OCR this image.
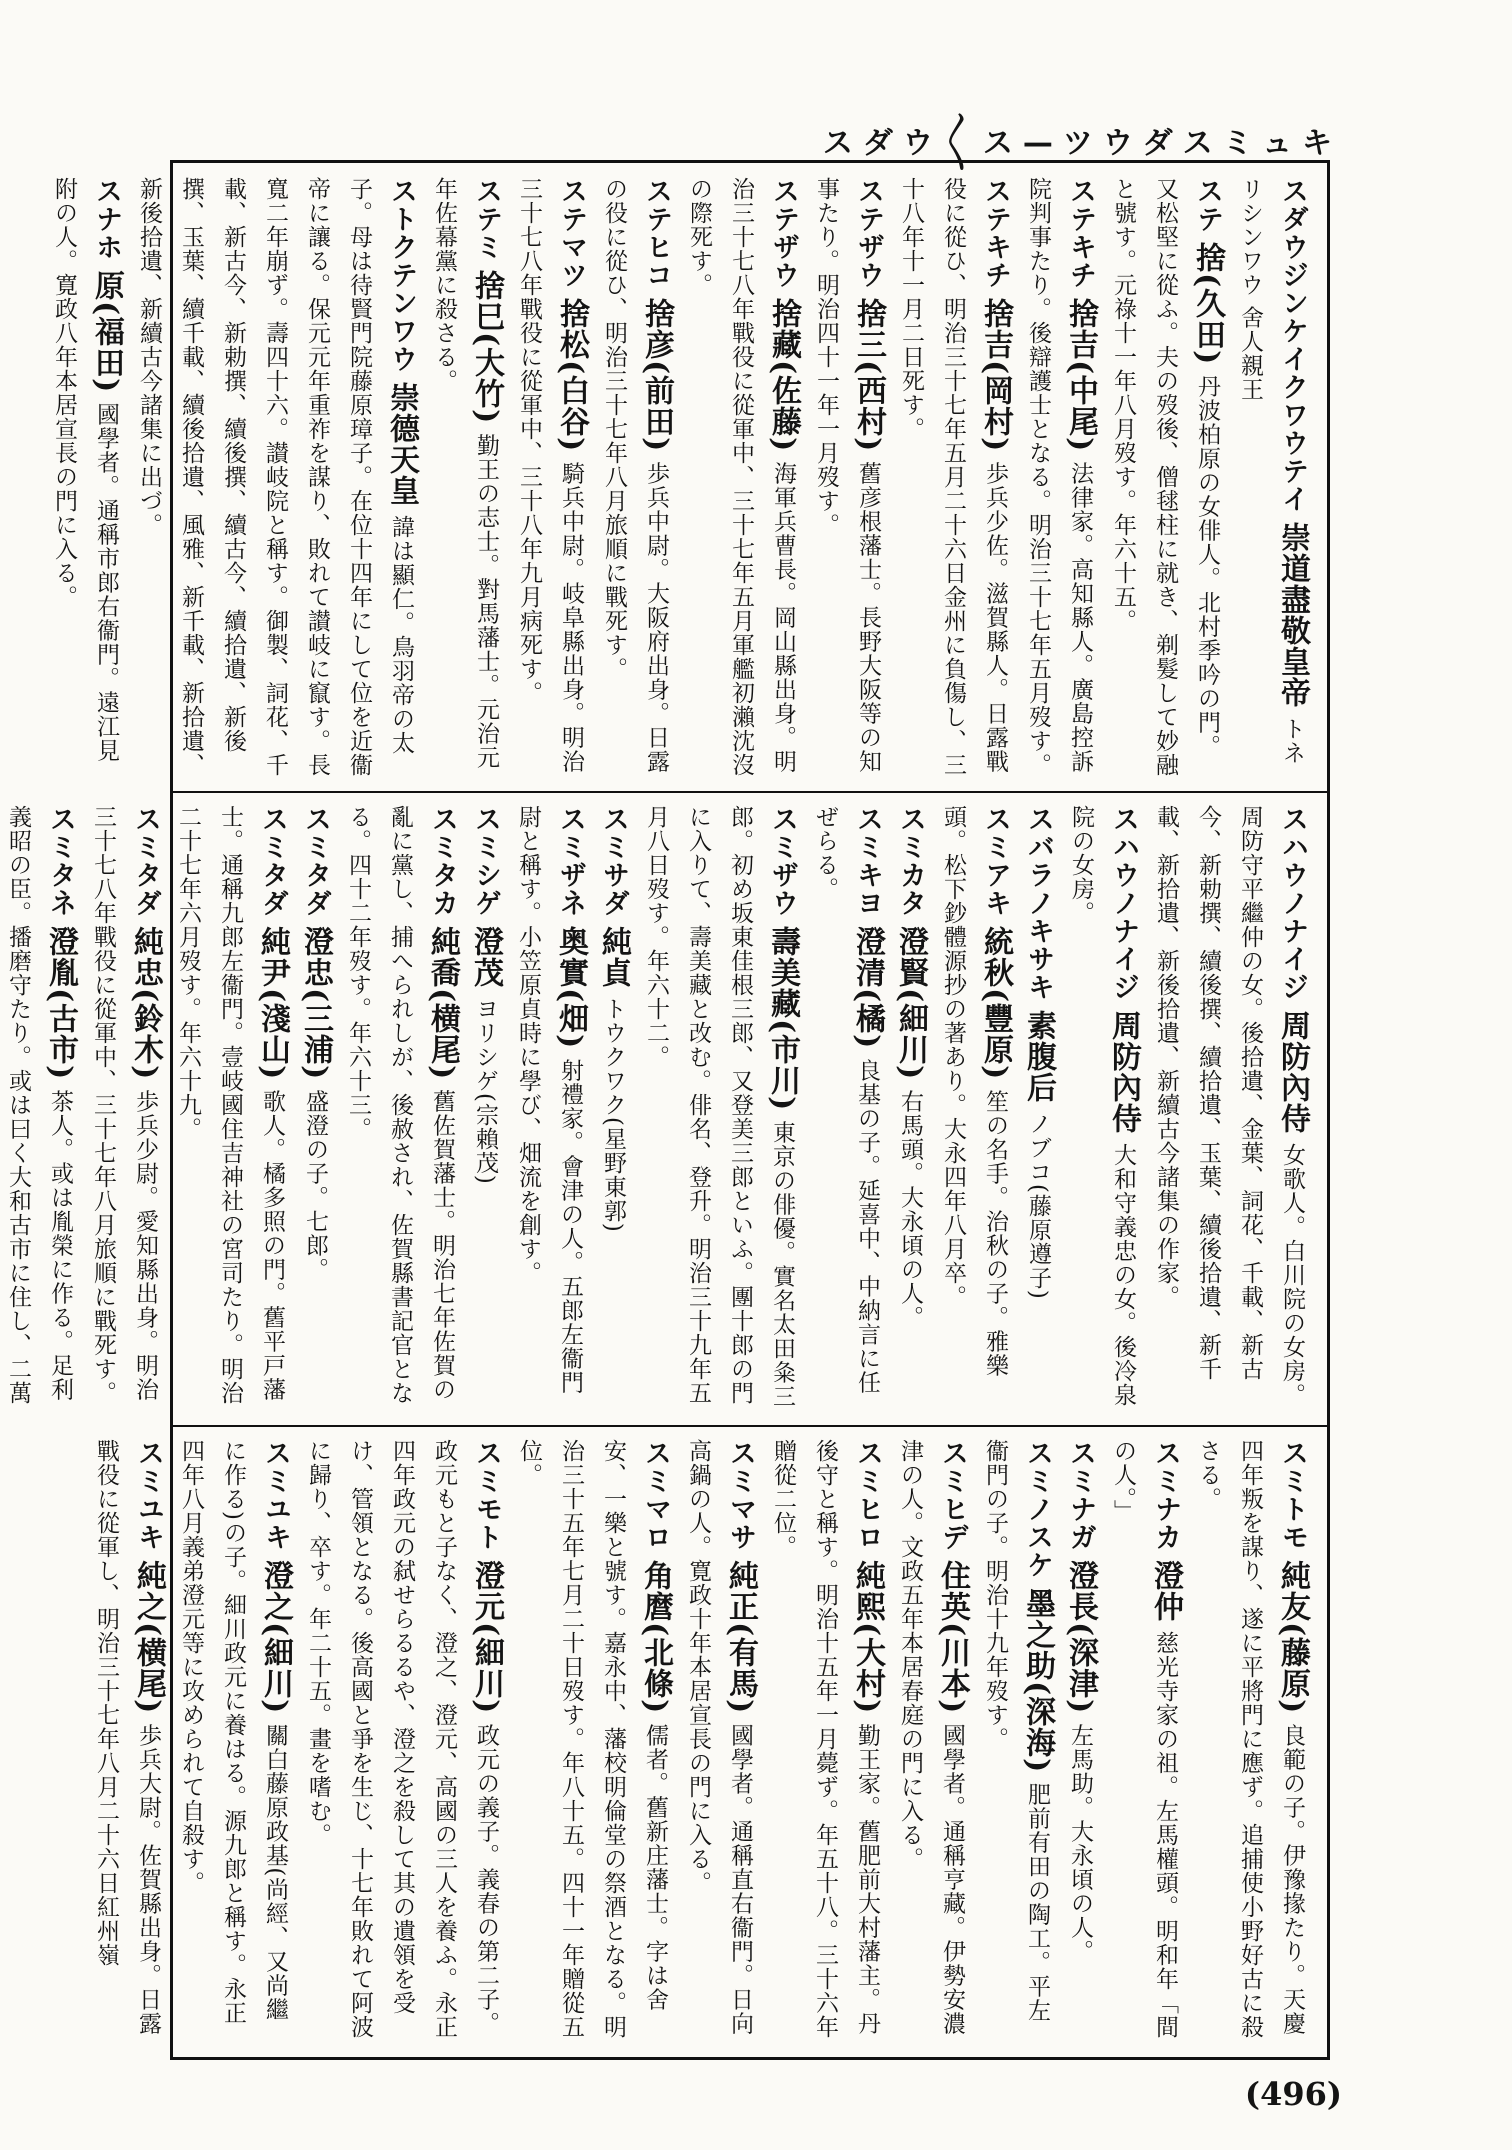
スダウ〳〵ス—ツウダスミュキ

スダウジンケイクワウテイ 崇道盡敬皇帝 トネリシンワウ 舍人親王

ステ 捨(久田) 丹波柏原の女俳人。北村季吟の門。又松堅に從ふ。夫の歿後、僧毬柱に就き、剃髮して妙融と號す。元祿十一年八月歿す。年六十五。

ステキチ 捨吉(中尾) 法律家。高知縣人。廣島控訴院判事たり。後辯護士となる。明治三十七年五月歿す。

ステキチ 捨吉(岡村) 歩兵少佐。滋賀縣人。日露戰役に從ひ、明治三十七年五月二十六日金州に負傷し、三十八年十一月二日死す。

ステザウ 捨三(西村) 舊彦根藩士。長野大阪等の知事たり。明治四十一年一月歿す。

ステザウ 捨藏(佐藤) 海軍兵曹長。岡山縣出身。明治三十七八年戰役に從軍中、三十七年五月軍艦初瀨沈沒の際死す。

ステヒコ 捨彦(前田) 歩兵中尉。大阪府出身。日露の役に從ひ、明治三十七年八月旅順に戰死す。

ステマツ 捨松(白谷) 騎兵中尉。岐阜縣出身。明治三十七八年戰役に從軍中、三十八年九月病死す。

ステミ 捨巳(大竹) 勤王の志士。對馬藩士。元治元年佐幕黨に殺さる。

ストクテンワウ 崇德天皇 諱は顯仁。鳥羽帝の太子。母は待賢門院藤原璋子。在位十四年にして位を近衞帝に讓る。保元元年重祚を謀り、敗れて讃岐に竄す。長寬二年崩ず。壽四十六。讃岐院と稱す。御製、詞花、千載、新古今、新勅撰、續後撰、續古今、續拾遺、新後撰、玉葉、續千載、續後拾遺、風雅、新千載、新拾遺、新後拾遺、新續古今諸集に出づ。

スナホ 原(福田) 國學者。通稱市郎右衞門。遠江見附の人。寛政八年本居宣長の門に入る。

スハウノナイジ 周防內侍 女歌人。白川院の女房。周防守平繼仲の女。後拾遺、金葉、詞花、千載、新古今、新勅撰、續後撰、續拾遺、玉葉、續後拾遺、新千載、新拾遺、新後拾遺、新續古今諸集の作家。

スハウノナイジ 周防內侍 大和守義忠の女。後冷泉院の女房。

スバラノキサキ 素腹后 ノブコ(藤原遵子)

スミアキ 統秋(豐原) 笙の名手。治秋の子。雅樂頭。松下鈔體源抄の著あり。大永四年八月卒。

スミカタ 澄賢(細川) 右馬頭。大永頃の人。

スミキヨ 澄清(橘) 良基の子。延喜中、中納言に任ぜらる。

スミザウ 壽美藏(市川) 東京の俳優。實名太田粂三郎。初め坂東佳根三郎、又登美三郎といふ。團十郎の門に入りて、壽美藏と改む。俳名、登升。明治三十九年五月八日歿す。年六十二。

スミサダ 純貞 トウクワク(星野東郭)

スミザネ 奥實(畑) 射禮家。會津の人。五郎左衞門尉と稱す。小笠原貞時に學び、畑流を創す。

スミシゲ 澄茂 ヨリシゲ(宗賴茂)

スミタカ 純喬(横尾) 舊佐賀藩士。明治七年佐賀の亂に黨し、捕へられしが、後赦され、佐賀縣書記官となる。四十二年歿す。年六十三。

スミタダ 澄忠(三浦) 盛澄の子。七郎。

スミタダ 純尹(淺山) 歌人。橘多照の門。舊平戸藩士。通稱九郎左衞門。壹岐國住吉神社の宮司たり。明治二十七年六月歿す。年六十九。

スミタダ 純忠(鈴木) 歩兵少尉。愛知縣出身。明治三十七八年戰役に從軍中、三十七年八月旅順に戰死す。

スミタネ 澄胤(古市) 茶人。或は胤榮に作る。足利義昭の臣。播磨守たり。或は曰く大和古市に住し、二萬

スミトモ 純友(藤原) 良範の子。伊豫掾たり。天慶四年叛を謀り、遂に平將門に應ず。追捕使小野好古に殺さる。

スミナカ 澄仲 慈光寺家の祖。左馬權頭。明和年「間の人。」

スミナガ 澄長(深津) 左馬助。大永頃の人。

スミノスケ 墨之助(深海) 肥前有田の陶工。平左衞門の子。明治十九年歿す。

スミヒデ 住英(川本) 國學者。通稱亨藏。伊勢安濃津の人。文政五年本居春庭の門に入る。

スミヒロ 純熙(大村) 勤王家。舊肥前大村藩主。丹後守と稱す。明治十五年一月薨ず。年五十八。三十六年贈從二位。

スミマサ 純正(有馬) 國學者。通稱直右衞門。日向高鍋の人。寛政十年本居宣長の門に入る。

スミマロ 角麿(北條) 儒者。舊新庄藩士。字は舍安、一樂と號す。嘉永中、藩校明倫堂の祭酒となる。明治三十五年七月二十日歿す。年八十五。四十一年贈從五位。

スミモト 澄元(細川) 政元の義子。義春の第二子。政元もと子なく、澄之、澄元、高國の三人を養ふ。永正四年政元の弑せらるるや、澄之を殺して其の遺領を受け、管領となる。後高國と爭を生じ、十七年敗れて阿波に歸り、卒す。年二十五。畫を嗜む。

スミユキ 澄之(細川) 關白藤原政基(尚經、又尚繼に作る)の子。細川政元に養はる。源九郎と稱す。永正四年八月義弟澄元等に攻められて自殺す。

スミユキ 純之(横尾) 歩兵大尉。佐賀縣出身。日露戰役に從軍し、明治三十七年八月二十六日紅州嶺

(496)
